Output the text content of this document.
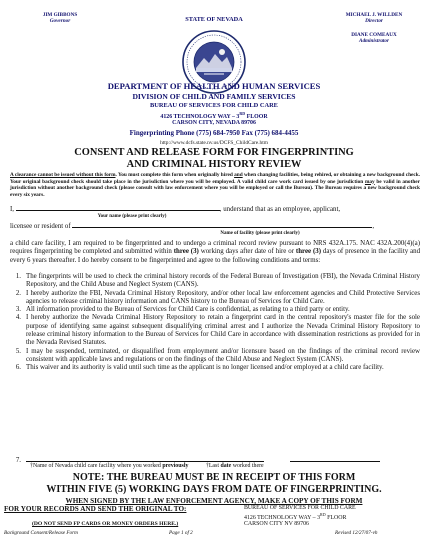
JIM GIBBONS
Governor	STATE OF NEVADA
MICHAEL J. WILLDEN
Director
DIANE COMEAUX
Administrator
DEPARTMENT OF HEALTH AND HUMAN SERVICES
DIVISION OF CHILD AND FAMILY SERVICES
BUREAU OF SERVICES FOR CHILD CARE
4126 TECHNOLOGY WAY – 3RD FLOOR
CARSON CITY, NEVADA 89706
Fingerprinting Phone (775) 684-7950 Fax (775) 684-4455
http://www.dcfs.state.nv.us/DCFS_ChildCare.htm
CONSENT AND RELEASE FORM FOR FINGERPRINTING
AND CRIMINAL HISTORY REVIEW
A clearance cannot be issued without this form. You must complete this form when originally hired and when changing facilities, being rehired, or obtaining a new background check. Your original background check should take place in the jurisdiction where you will be employed. A valid child care work card issued by one jurisdiction may be valid in another jurisdiction without another background check (please consult with law enforcement where you will be employed or call the Bureau). The Bureau requires a new background check every six years.
I,	, understand that as an employee, applicant,
Your name (please print clearly)
licensee or resident of	,
Name of facility (please print clearly)
a child care facility, I am required to be fingerprinted and to undergo a criminal record review pursuant to NRS 432A.175. NAC 432A.200(4)(a) requires fingerprinting be completed and submitted within three (3) working days after date of hire or three (3) days of presence in the facility and every 6 years thereafter. I do hereby consent to be fingerprinted and agree to the following conditions and terms:
1. The fingerprints will be used to check the criminal history records of the Federal Bureau of Investigation (FBI), the Nevada Criminal History Repository, and the Child Abuse and Neglect System (CANS).
2. I hereby authorize the FBI, Nevada Criminal History Repository, and/or other local law enforcement agencies and Child Protective Services agencies to release criminal history information and CANS history to the Bureau of Services for Child Care.
3. All information provided to the Bureau of Services for Child Care is confidential, as relating to a third party or entity.
4. I hereby authorize the Nevada Criminal History Repository to retain a fingerprint card in the central repository's master file for the sole purpose of identifying same against subsequent disqualifying criminal arrest and I authorize the Nevada Criminal History Repository to release criminal history information to the Bureau of Services for Child Care in accordance with dissemination restrictions as provided for in the Nevada Revised Statutes.
5. I may be suspended, terminated, or disqualified from employment and/or licensure based on the findings of the criminal record review consistent with applicable laws and regulations or on the findings of the Child Abuse and Neglect System (CANS).
6. This waiver and its authority is valid until such time as the applicant is no longer licensed and/or employed at a child care facility.
7.
†Name of Nevada child care facility where you worked previously	†Last date worked there
NOTE: THE BUREAU MUST BE IN RECEIPT OF THIS FORM
WITHIN FIVE (5) WORKING DAYS FROM DATE OF FINGERPRINTING.
WHEN SIGNED BY THE LAW ENFORCEMENT AGENCY, MAKE A COPY OF THIS FORM
FOR YOUR RECORDS AND SEND THE ORIGINAL TO:	BUREAU OF SERVICES FOR CHILD CARE
4126 TECHNOLOGY WAY – 3RD FLOOR
CARSON CITY NV 89706
(DO NOT SEND FP CARDS OR MONEY ORDERS HERE.)
Background Consent/Release Form	Page 1 of 2	Revised 12/27/07-vh
